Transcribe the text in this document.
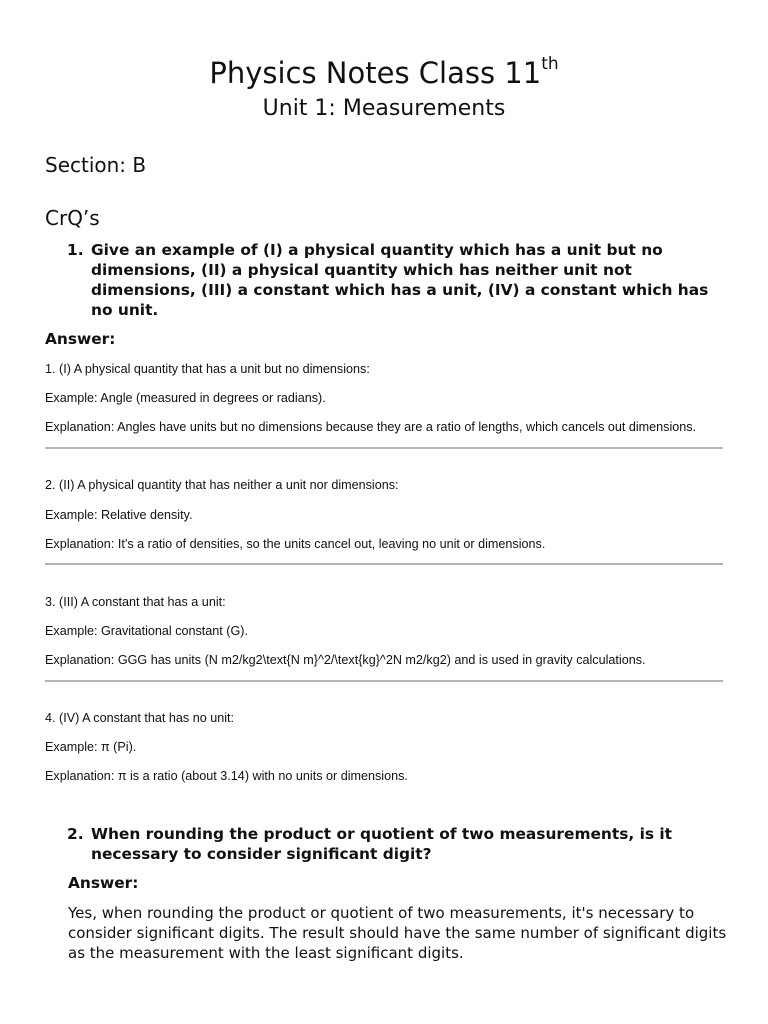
Physics Notes Class 11th
Unit 1: Measurements
Section: B
CrQ’s
1. Give an example of (I) a physical quantity which has a unit but no dimensions, (II) a physical quantity which has neither unit not dimensions, (III) a constant which has a unit, (IV) a constant which has no unit.
Answer:
1. (I) A physical quantity that has a unit but no dimensions:
Example: Angle (measured in degrees or radians).
Explanation: Angles have units but no dimensions because they are a ratio of lengths, which cancels out dimensions.
2. (II) A physical quantity that has neither a unit nor dimensions:
Example: Relative density.
Explanation: It’s a ratio of densities, so the units cancel out, leaving no unit or dimensions.
3. (III) A constant that has a unit:
Example: Gravitational constant (G).
Explanation: GGG has units (N m2/kg2\text{N m}^2/\text{kg}^2N m2/kg2) and is used in gravity calculations.
4. (IV) A constant that has no unit:
Example: π (Pi).
Explanation: π is a ratio (about 3.14) with no units or dimensions.
2. When rounding the product or quotient of two measurements, is it necessary to consider significant digit?
Answer:
Yes, when rounding the product or quotient of two measurements, it's necessary to consider significant digits. The result should have the same number of significant digits as the measurement with the least significant digits.
